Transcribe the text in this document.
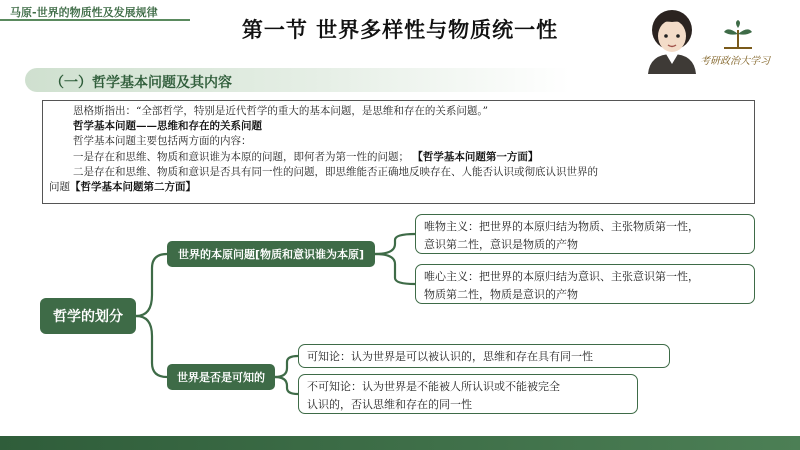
马原-世界的物质性及发展规律
第一节 世界多样性与物质统一性
考研政治大学习
（一）哲学基本问题及其内容
恩格斯指出：“全部哲学，特别是近代哲学的重大的基本问题，是思维和存在的关系问题。”
哲学基本问题——思维和存在的关系问题
哲学基本问题主要包括两方面的内容：
一是存在和思维、物质和意识谁为本原的问题，即何者为第一性的问题； 【哲学基本问题第一方面】
二是存在和思维、物质和意识是否具有同一性的问题，即思维能否正确地反映存在、人能否认识或彻底认识世界的
问题【哲学基本问题第二方面】
哲学的划分
世界的本原问题[物质和意识谁为本原]
世界是否是可知的
唯物主义：把世界的本原归结为物质、主张物质第一性，
意识第二性，意识是物质的产物
唯心主义：把世界的本原归结为意识、主张意识第一性，
物质第二性，物质是意识的产物
可知论：认为世界是可以被认识的，思维和存在具有同一性
不可知论：认为世界是不能被人所认识或不能被完全
认识的，否认思维和存在的同一性
